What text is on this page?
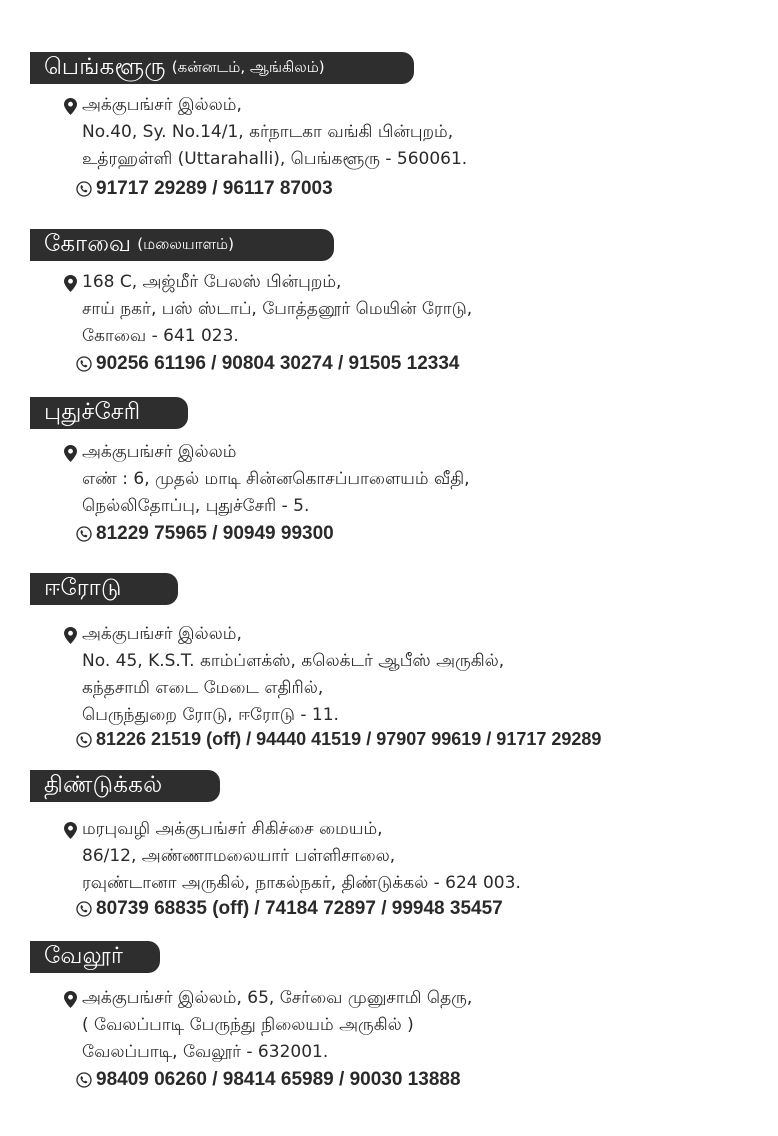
பெங்களூரு (கன்னடம், ஆங்கிலம்)
அக்குபங்சர் இல்லம்,
No.40, Sy. No.14/1, கர்நாடகா வங்கி பின்புறம்,
உத்ரஹள்ளி (Uttarahalli), பெங்களூரு - 560061.
91717 29289 / 96117 87003
கோவை (மலையாளம்)
168 C, அஜ்மீர் பேலஸ் பின்புறம்,
சாய் நகர், பஸ் ஸ்டாப், போத்தனூர் மெயின் ரோடு,
கோவை - 641 023.
90256 61196 / 90804 30274 / 91505 12334
புதுச்சேரி
அக்குபங்சர் இல்லம்
எண் : 6, முதல் மாடி சின்னகொசப்பாளையம் வீதி,
நெல்லிதோப்பு, புதுச்சேரி - 5.
81229 75965 / 90949 99300
ஈரோடு
அக்குபங்சர் இல்லம்,
No. 45, K.S.T. காம்ப்ளக்ஸ், கலெக்டர் ஆபீஸ் அருகில்,
கந்தசாமி எடை மேடை எதிரில்,
பெருந்துறை ரோடு, ஈரோடு - 11.
81226 21519 (off) / 94440 41519 / 97907 99619 / 91717 29289
திண்டுக்கல்
மரபுவழி அக்குபங்சர் சிகிச்சை மையம்,
86/12, அண்ணாமலையார் பள்ளிசாலை,
ரவுண்டானா அருகில், நாகல்நகர், திண்டுக்கல் - 624 003.
80739 68835 (off) / 74184 72897 / 99948 35457
வேலூர்
அக்குபங்சர் இல்லம், 65, சேர்வை முனுசாமி தெரு,
( வேலப்பாடி பேருந்து நிலையம் அருகில் )
வேலப்பாடி, வேலூர் - 632001.
98409 06260 / 98414 65989 / 90030 13888
